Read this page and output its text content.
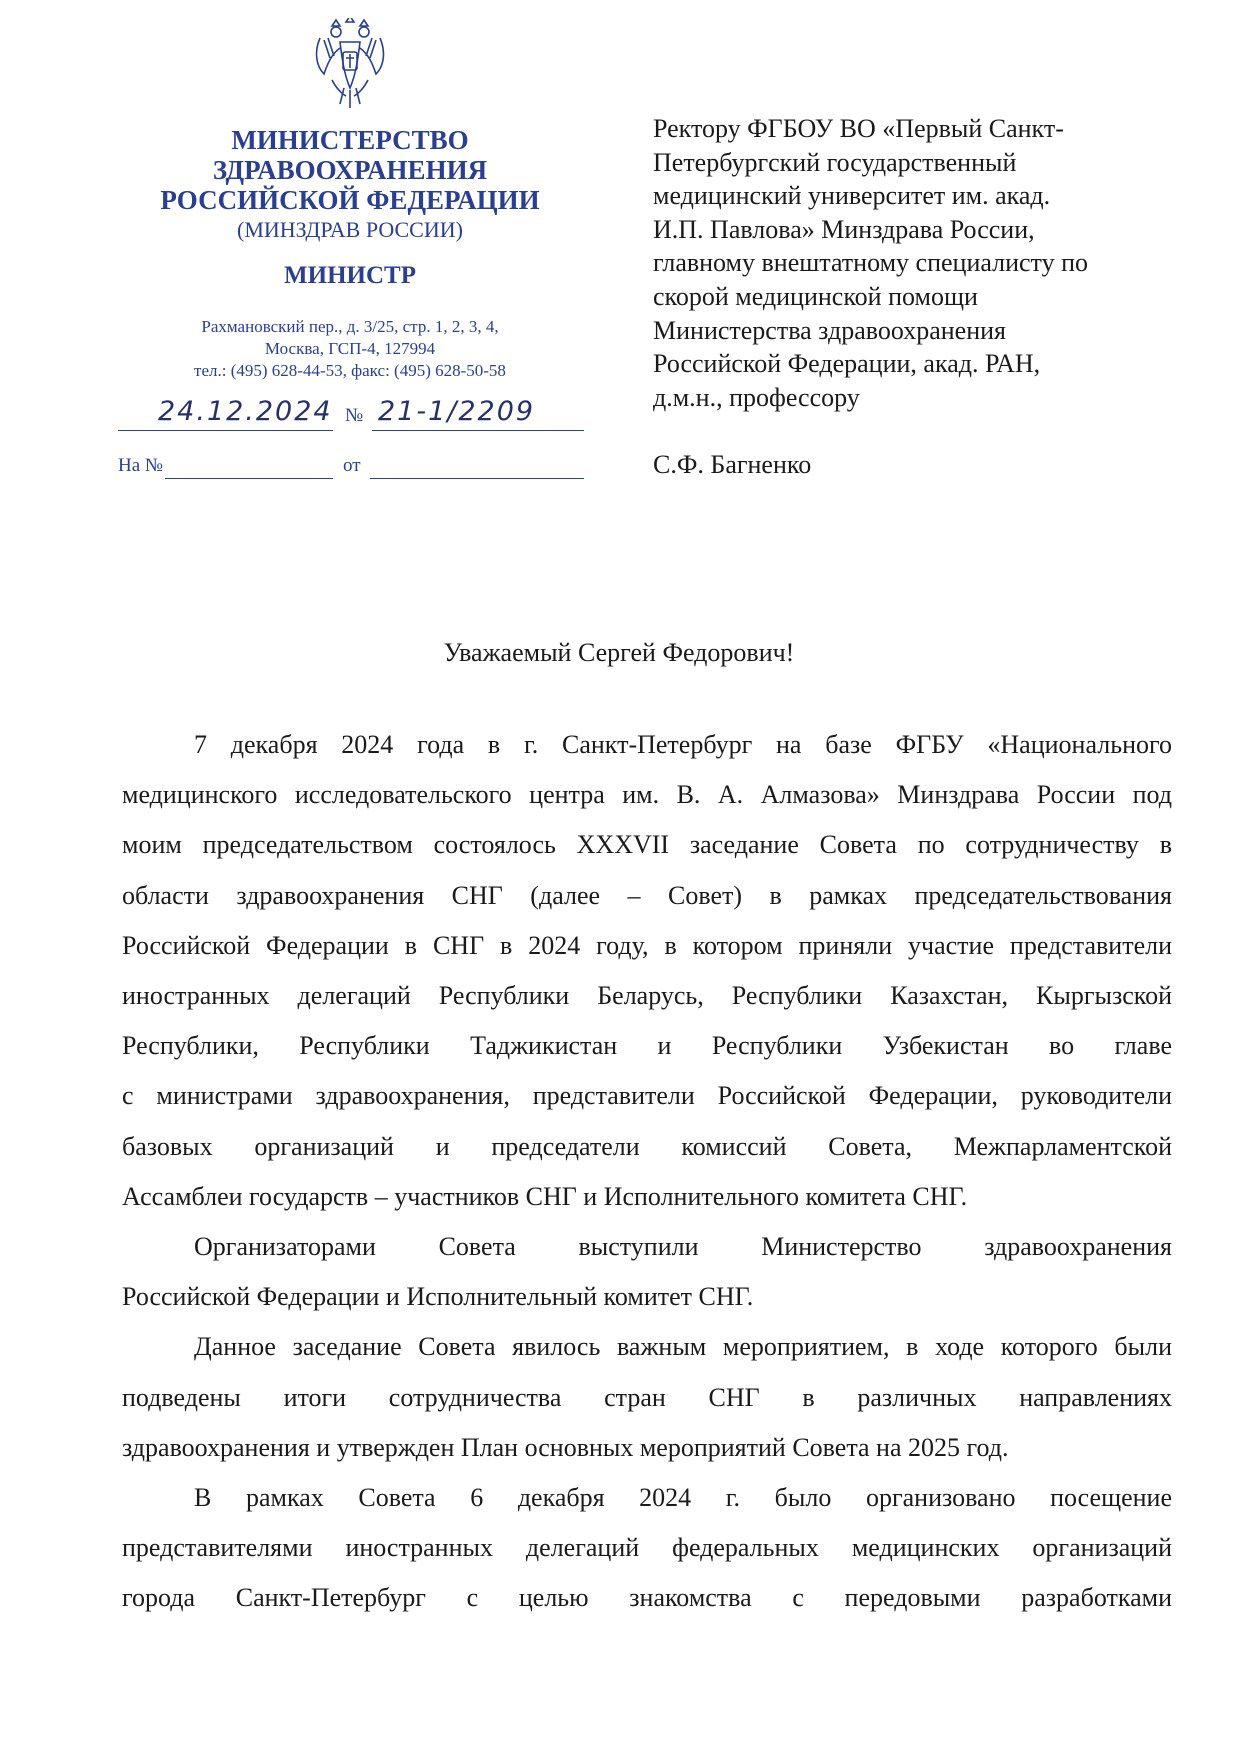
МИНИСТЕРСТВО
ЗДРАВООХРАНЕНИЯ
РОССИЙСКОЙ ФЕДЕРАЦИИ
(МИНЗДРАВ РОССИИ)
МИНИСТР
Рахмановский пер., д. 3/25, стр. 1, 2, 3, 4,
Москва, ГСП-4, 127994
тел.: (495) 628-44-53, факс: (495) 628-50-58
24.12.2024 № 21-1/2209
На №	от
Ректору ФГБОУ ВО «Первый Санкт-
Петербургский государственный
медицинский университет им. акад.
И.П. Павлова» Минздрава России,
главному внештатному специалисту по
скорой медицинской помощи
Министерства здравоохранения
Российской Федерации, акад. РАН,
д.м.н., профессору
С.Ф. Багненко
Уважаемый Сергей Федорович!
7 декабря 2024 года в г. Санкт-Петербург на базе ФГБУ «Национального
медицинского исследовательского центра им. В. А. Алмазова» Минздрава России под
моим председательством состоялось XXXVII заседание Совета по сотрудничеству в
области здравоохранения СНГ (далее – Совет) в рамках председательствования
Российской Федерации в СНГ в 2024 году, в котором приняли участие представители
иностранных делегаций Республики Беларусь, Республики Казахстан, Кыргызской
Республики, Республики Таджикистан и Республики Узбекистан во главе
с министрами здравоохранения, представители Российской Федерации, руководители
базовых организаций и председатели комиссий Совета, Межпарламентской
Ассамблеи государств – участников СНГ и Исполнительного комитета СНГ.
Организаторами Совета выступили Министерство здравоохранения
Российской Федерации и Исполнительный комитет СНГ.
Данное заседание Совета явилось важным мероприятием, в ходе которого были
подведены итоги сотрудничества стран СНГ в различных направлениях
здравоохранения и утвержден План основных мероприятий Совета на 2025 год.
В рамках Совета 6 декабря 2024 г. было организовано посещение
представителями иностранных делегаций федеральных медицинских организаций
города Санкт-Петербург с целью знакомства с передовыми разработками
